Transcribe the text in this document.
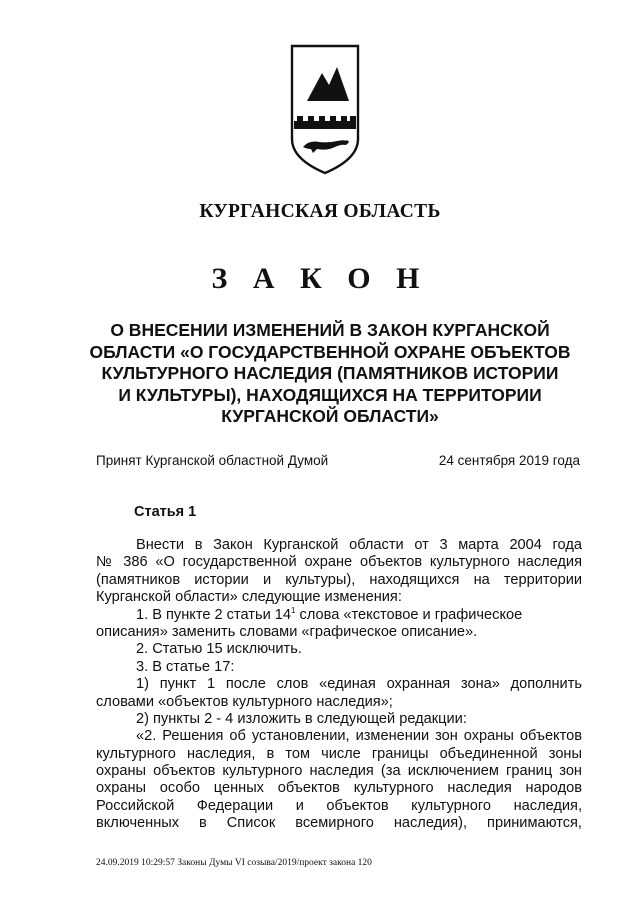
КУРГАНСКАЯ ОБЛАСТЬ
З А К О Н
О ВНЕСЕНИИ ИЗМЕНЕНИЙ В ЗАКОН КУРГАНСКОЙ
ОБЛАСТИ «О ГОСУДАРСТВЕННОЙ ОХРАНЕ ОБЪЕКТОВ
КУЛЬТУРНОГО НАСЛЕДИЯ (ПАМЯТНИКОВ ИСТОРИИ
И КУЛЬТУРЫ), НАХОДЯЩИХСЯ НА ТЕРРИТОРИИ
КУРГАНСКОЙ ОБЛАСТИ»
Принят Курганской областной Думой	24 сентября 2019 года
Статья 1
Внести в Закон Курганской области от 3 марта 2004 года
№ 386 «О государственной охране объектов культурного наследия
(памятников истории и культуры), находящихся на территории
Курганской области» следующие изменения:
1. В пункте 2 статьи $14^1$ слова «текстовое и графическое
описания» заменить словами «графическое описание».
2. Статью 15 исключить.
3. В статье 17:
1) пункт 1 после слов «единая охранная зона» дополнить
словами «объектов культурного наследия»;
2) пункты 2 - 4 изложить в следующей редакции:
«2. Решения об установлении, изменении зон охраны объектов
культурного наследия, в том числе границы объединенной зоны
охраны объектов культурного наследия (за исключением границ зон
охраны особо ценных объектов культурного наследия народов
Российской Федерации и объектов культурного наследия,
включенных в Список всемирного наследия), принимаются,
24.09.2019 10:29:57 Законы Думы VI созыва/2019/проект закона 120
